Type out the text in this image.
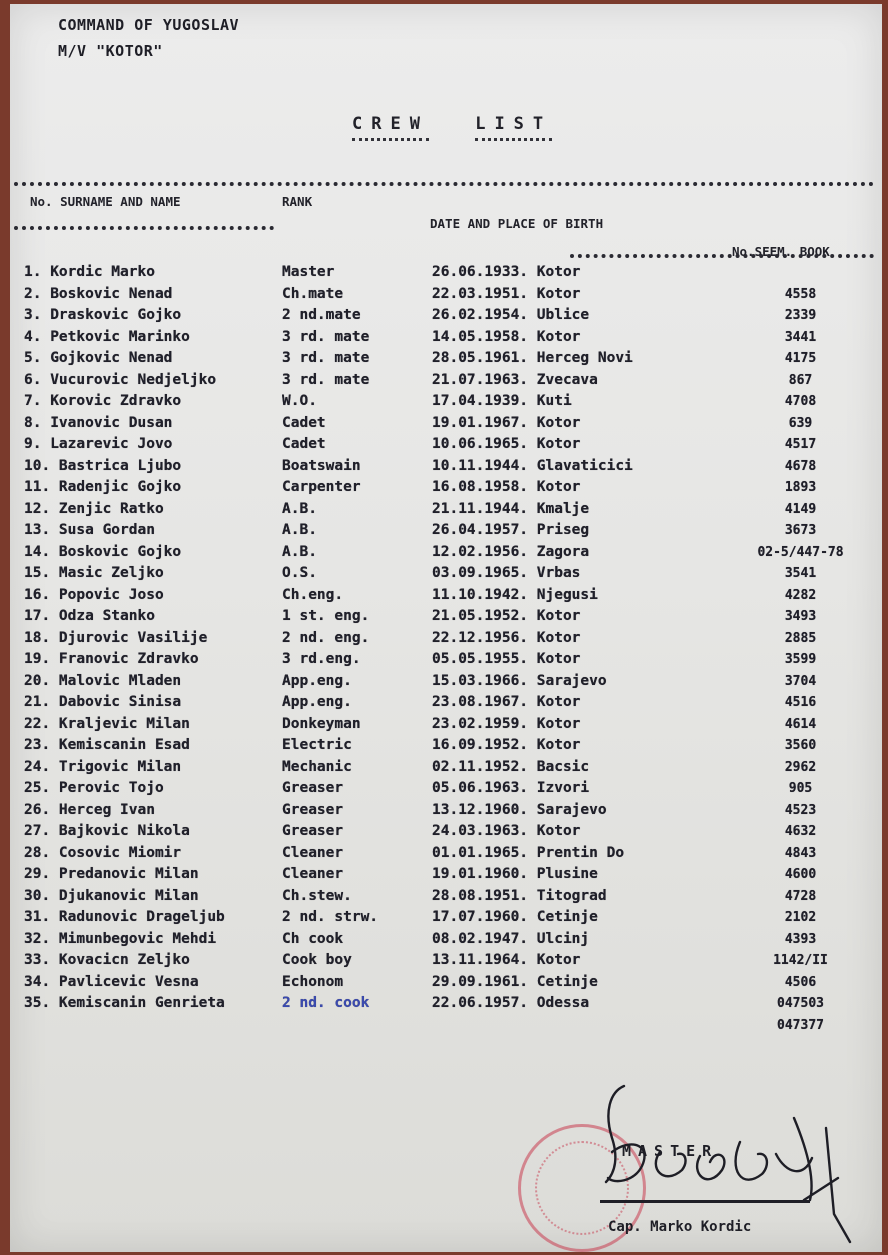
COMMAND OF YUGOSLAV
M/V "KOTOR"
CREW	LIST
No. SURNAME AND NAME	RANK
DATE AND PLACE OF BIRTH
No.SEEM. BOOK
1. Kordic Marko	Master	26.06.1933. Kotor
2. Boskovic Nenad	Ch.mate	22.03.1951. Kotor	4558
3. Draskovic Gojko	2 nd.mate	26.02.1954. Ublice	2339
4. Petkovic Marinko	3 rd. mate	14.05.1958. Kotor	3441
5. Gojkovic Nenad	3 rd. mate	28.05.1961. Herceg Novi	4175
6. Vucurovic Nedjeljko	3 rd. mate	21.07.1963. Zvecava	867
7. Korovic Zdravko	W.O.	17.04.1939. Kuti	4708
8. Ivanovic Dusan	Cadet	19.01.1967. Kotor	639
9. Lazarevic Jovo	Cadet	10.06.1965. Kotor	4517
10. Bastrica Ljubo	Boatswain	10.11.1944. Glavaticici	4678
11. Radenjic Gojko	Carpenter	16.08.1958. Kotor	1893
12. Zenjic Ratko	A.B.	21.11.1944. Kmalje	4149
13. Susa Gordan	A.B.	26.04.1957. Priseg	3673
14. Boskovic Gojko	A.B.	12.02.1956. Zagora	02-5/447-78
15. Masic Zeljko	O.S.	03.09.1965. Vrbas	3541
16. Popovic Joso	Ch.eng.	11.10.1942. Njegusi	4282
17. Odza Stanko	1 st. eng.	21.05.1952. Kotor	3493
18. Djurovic Vasilije	2 nd. eng.	22.12.1956. Kotor	2885
19. Franovic Zdravko	3 rd.eng.	05.05.1955. Kotor	3599
20. Malovic Mladen	App.eng.	15.03.1966. Sarajevo	3704
21. Dabovic Sinisa	App.eng.	23.08.1967. Kotor	4516
22. Kraljevic Milan	Donkeyman	23.02.1959. Kotor	4614
23. Kemiscanin Esad	Electric	16.09.1952. Kotor	3560
24. Trigovic Milan	Mechanic	02.11.1952. Bacsic	2962
25. Perovic Tojo	Greaser	05.06.1963. Izvori	905
26. Herceg Ivan	Greaser	13.12.1960. Sarajevo	4523
27. Bajkovic Nikola	Greaser	24.03.1963. Kotor	4632
28. Cosovic Miomir	Cleaner	01.01.1965. Prentin Do	4843
29. Predanovic Milan	Cleaner	19.01.1960. Plusine	4600
30. Djukanovic Milan	Ch.stew.	28.08.1951. Titograd	4728
31. Radunovic Drageljub	2 nd. strw.	17.07.1960. Cetinje	2102
32. Mimunbegovic Mehdi	Ch cook	08.02.1947. Ulcinj	4393
33. Kovacicn Zeljko	Cook boy	13.11.1964. Kotor	1142/II
34. Pavlicevic Vesna	Echonom	29.09.1961. Cetinje	4506
35. Kemiscanin Genrieta	2 nd. cook	22.06.1957. Odessa	047503
047377
MASTER
Cap. Marko Kordic
